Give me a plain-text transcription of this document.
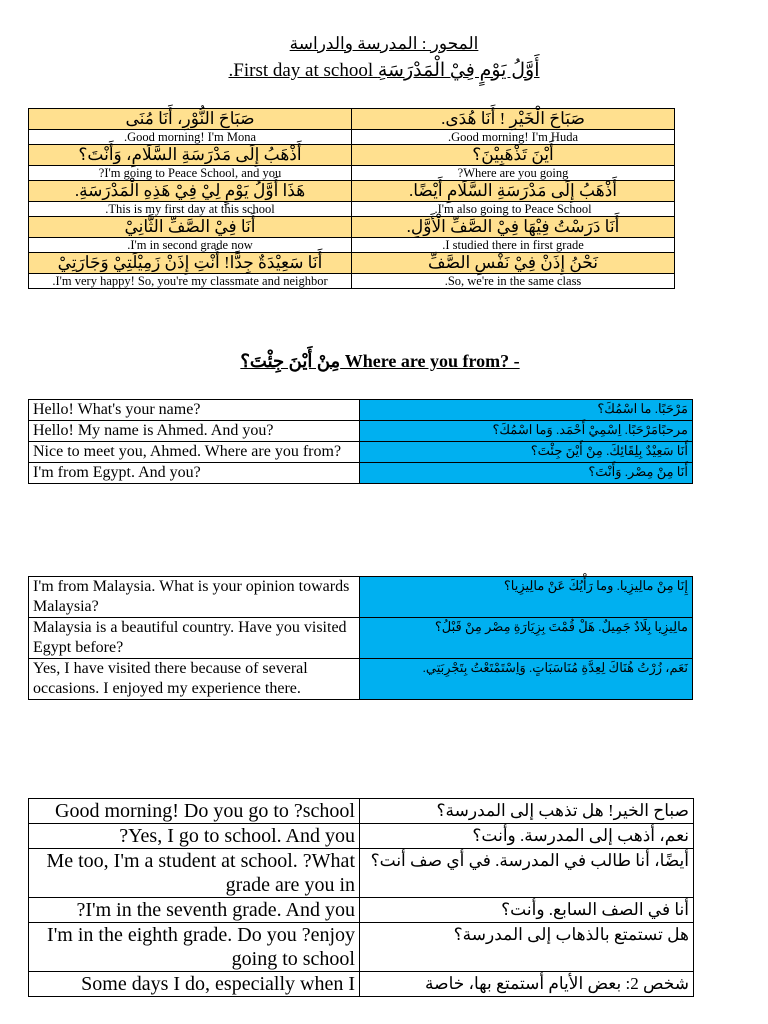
المحور : المدرسة والدراسة
.First day at school أَوَّلُ يَوْمٍ فِيْ الْمَدْرَسَةِ
صَبَاحَ النُّوْرِ، أَنَا مُنَى	صَبَاحَ الْخَيْرِ ! أَنَا هُدَى.
.Good morning! I'm Mona	.Good morning! I'm Huda
أَذْهَبُ إِلَى مَدْرَسَةِ السَّلَامِ، وَأَنْتَ؟	أَيْنَ تَذْهَبِيْنَ؟
?I'm going to Peace School, and you	?Where are you going
هَذَا أَوَّلُ يَوْمٍ لِيْ فِيْ هَذِهِ الْمَدْرَسَةِ.	أَذْهَبُ إِلَى مَدْرَسَةِ السَّلَامِ أَيْضًا.
.This is my first day at this school	.I'm also going to Peace School
أَنَا فِيْ الصَّفِّ الثَّانِيْ	أَنَا دَرَسْتُ فِيْهَا فِيْ الصَّفِّ الْأَوَّلِ.
.I'm in second grade now	.I studied there in first grade
أَنَا سَعِيْدَةٌ جِدًّا! أَنْتِ إِذَنْ زَمِيْلَتِيْ وَجَارَتِيْ	نَحْنُ إِذَنْ فِيْ نَفْسِ الصَّفِّ
.I'm very happy! So, you're my classmate and neighbor	.So, we're in the same class
مِنْ أَيْنَ جِئْتَ؟ Where are you from? -
Hello! What's your name?	مَرْحَبًا. ما اسْمُكَ؟
Hello! My name is Ahmed. And you?	مرحبًامَرْحَبًا. اِسْمِيْ أَحْمَد. وَما اسْمُكَ؟
Nice to meet you, Ahmed. Where are you from?	أَنَا سَعِيْدٌ بِلِقَائِكَ. مِنْ أَيْنَ جِئْتَ؟
I'm from Egypt. And you?	أَنَا مِنْ مِصْر. وَأَنْتَ؟
I'm from Malaysia. What is your opinion towards Malaysia?	إِنَا مِنْ مالِيزِيا. وما رَأْيُكَ عَنْ مالِيزِيا؟
Malaysia is a beautiful country. Have you visited Egypt before?	مالِيزِيا بِلَادٌ جَمِيلٌ. هَلْ قُمْتَ بِزِيَارَةِ مِصْر مِنْ قَبْلُ؟
Yes, I have visited there because of several occasions. I enjoyed my experience there.	نَعَم، زُرْتُ هُنَاكَ لِعِدَّةِ مُنَاسَبَاتٍ. وَاِسْتَمْتَعْتُ بِتَجْرِبَتِي.
Good morning! Do you go to ?school	صباح الخير! هل تذهب إلى المدرسة؟
?Yes, I go to school. And you	نعم، أذهب إلى المدرسة. وأنت؟
Me too, I'm a student at school. ?What grade are you in	أيضًا، أنا طالب في المدرسة. في أي صف أنت؟
?I'm in the seventh grade. And you	أنا في الصف السابع. وأنت؟
I'm in the eighth grade. Do you ?enjoy going to school	هل تستمتع بالذهاب إلى المدرسة؟
Some days I do, especially when I	شخص 2: بعض الأيام أستمتع بها، خاصة
